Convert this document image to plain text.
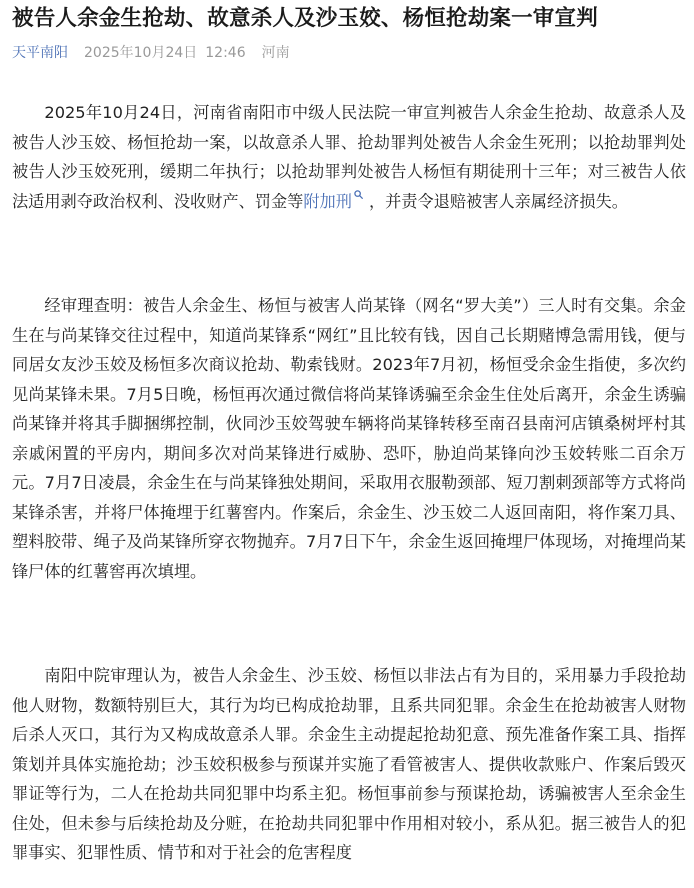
被告人余金生抢劫、故意杀人及沙玉姣、杨恒抢劫案一审宣判
天平南阳 2025年10月24日 12:46 河南

2025年10月24日，河南省南阳市中级人民法院一审宣判被告人余金生抢劫、故意杀人及被告人沙玉姣、杨恒抢劫一案，以故意杀人罪、抢劫罪判处被告人余金生死刑；以抢劫罪判处被告人沙玉姣死刑，缓期二年执行；以抢劫罪判处被告人杨恒有期徒刑十三年；对三被告人依法适用剥夺政治权利、没收财产、罚金等附加刑 ，并责令退赔被害人亲属经济损失。

经审理查明：被告人余金生、杨恒与被害人尚某锋（网名“罗大美”）三人时有交集。余金生在与尚某锋交往过程中，知道尚某锋系“网红”且比较有钱，因自己长期赌博急需用钱，便与同居女友沙玉姣及杨恒多次商议抢劫、勒索钱财。2023年7月初，杨恒受余金生指使，多次约见尚某锋未果。7月5日晚，杨恒再次通过微信将尚某锋诱骗至余金生住处后离开，余金生诱骗尚某锋并将其手脚捆绑控制，伙同沙玉姣驾驶车辆将尚某锋转移至南召县南河店镇桑树坪村其亲戚闲置的平房内，期间多次对尚某锋进行威胁、恐吓，胁迫尚某锋向沙玉姣转账二百余万元。7月7日凌晨，余金生在与尚某锋独处期间，采取用衣服勒颈部、短刀割刺颈部等方式将尚某锋杀害，并将尸体掩埋于红薯窖内。作案后，余金生、沙玉姣二人返回南阳，将作案刀具、塑料胶带、绳子及尚某锋所穿衣物抛弃。7月7日下午，余金生返回掩埋尸体现场，对掩埋尚某锋尸体的红薯窖再次填埋。

南阳中院审理认为，被告人余金生、沙玉姣、杨恒以非法占有为目的，采用暴力手段抢劫他人财物，数额特别巨大，其行为均已构成抢劫罪，且系共同犯罪。余金生在抢劫被害人财物后杀人灭口，其行为又构成故意杀人罪。余金生主动提起抢劫犯意、预先准备作案工具、指挥策划并具体实施抢劫；沙玉姣积极参与预谋并实施了看管被害人、提供收款账户、作案后毁灭罪证等行为，二人在抢劫共同犯罪中均系主犯。杨恒事前参与预谋抢劫，诱骗被害人至余金生住处，但未参与后续抢劫及分赃，在抢劫共同犯罪中作用相对较小，系从犯。据三被告人的犯罪事实、犯罪性质、情节和对于社会的危害程度
